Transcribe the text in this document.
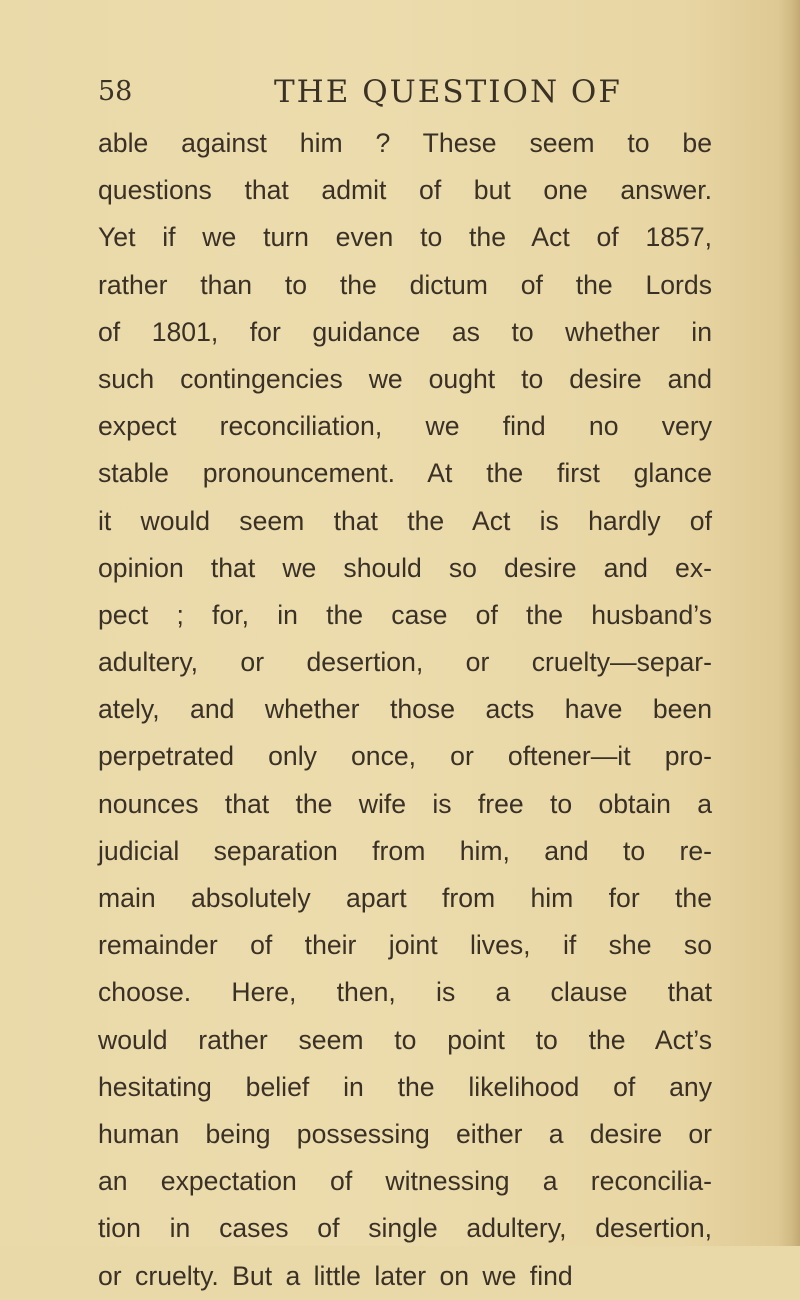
58	THE QUESTION OF
able against him ? These seem to be
questions that admit of but one answer.
Yet if we turn even to the Act of 1857,
rather than to the dictum of the Lords
of 1801, for guidance as to whether in
such contingencies we ought to desire and
expect reconciliation, we find no very
stable pronouncement. At the first glance
it would seem that the Act is hardly of
opinion that we should so desire and ex-
pect ; for, in the case of the husband’s
adultery, or desertion, or cruelty—separ-
ately, and whether those acts have been
perpetrated only once, or oftener—it pro-
nounces that the wife is free to obtain a
judicial separation from him, and to re-
main absolutely apart from him for the
remainder of their joint lives, if she so
choose. Here, then, is a clause that
would rather seem to point to the Act’s
hesitating belief in the likelihood of any
human being possessing either a desire or
an expectation of witnessing a reconcilia-
tion in cases of single adultery, desertion,
or cruelty. But a little later on we find
